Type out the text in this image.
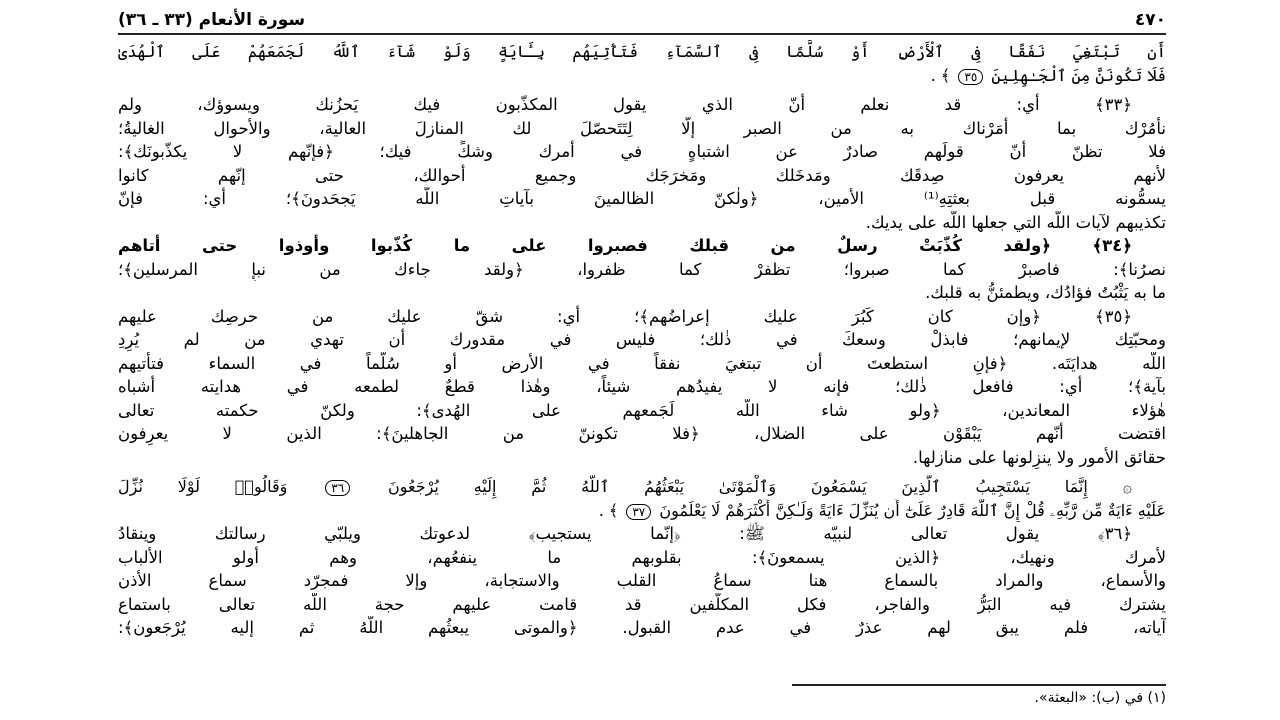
٤٧٠
سورة الأنعام (٣٣ ـ ٣٦)
أَن تَبْتَغِيَ نَفَقًا فِى ٱلْأَرْضِ أَوْ سُلَّمًا فِى ٱلسَّمَآءِ فَتَأْتِيَهُم بِـَٔايَةٍ وَلَوْ شَآءَ ٱللَّهُ لَجَمَعَهُمْ عَلَى ٱلْهُدَىٰ
فَلَا تَكُونَنَّ مِنَ ٱلْجَـٰهِلِينَ ٣٥ ﴾ .
﴿٣٣﴾ أي: قد نعلم أنّ الذي يقول المكذّبون فيك يَحزُنك ويسوؤك، ولم
نأمُرْك بما أمَرْناك به من الصبر إلّا لِتَتَحصّلَ لك المنازلَ العالية، والأحوال الغاليةُ؛
فلا تظنّ أنّ قولَهم صادرٌ عن اشتباهٍ في أمرك وشكٍّ فيك؛ ﴿فإنّهم لا يكذّبونَك﴾:
لأنهم يعرفون صِدقَك ومَدخَلك ومَخرَجَك وجميع أحوالك، حتى إنّهم كانوا
يسمُّونه قبل بعثتِهِ⁽¹⁾ الأمين، ﴿ولٰكنّ الظالمينَ بآياتِ اللّه يَجحَدونَ﴾؛ أي: فإنّ
تكذيبهم لآيات اللّه التي جعلها اللّه على يديك.
﴿٣٤﴾ ﴿ولقد كُذّبَتْ رسلٌ من قبلك فصبروا على ما كُذّبوا وأوذوا حتى أتاهم
نصرُنا﴾: فاصبرْ كما صبروا؛ تظفرْ كما ظفروا، ﴿ولقد جاءك من نبإِ المرسلين﴾؛
ما به يَثْبُتُ فؤادُك، ويطمئنُّ به قلبك.
﴿٣٥﴾ ﴿وإن كان كَبُرَ عليك إعراضُهم﴾؛ أي: شقّ عليك من حرصِك عليهم
ومحبّتِك لإيمانهم؛ فابذلْ وسعكَ في ذٰلك؛ فليس في مقدورك أن تهدي من لم يُرِدِ
اللّه هدايَتَه. ﴿فإنِ استطعتَ أن تبتغيَ نفقاً في الأرض أو سُلّماً في السماء فتأتيهم
بآية﴾؛ أي: فافعل ذٰلك؛ فإنه لا يفيدُهم شيئاً، وهٰذا قطعٌ لطمعه في هدايته أشباه
هٰؤلاء المعاندين، ﴿ولو شاء اللّه لَجَمعهم على الهُدى﴾: ولكنّ حكمته تعالى
اقتضت أنّهم يَبْقَوْن على الضلال، ﴿فلا تكوننّ من الجاهلينَ﴾: الذين لا يعرِفون
حقائق الأمور ولا ينزِلونها على منازلها.
۞ إِنَّمَا يَسْتَجِيبُ ٱلَّذِينَ يَسْمَعُونَ وَٱلْمَوْتَىٰ يَبْعَثُهُمُ ٱللَّهُ ثُمَّ إِلَيْهِ يُرْجَعُونَ ٣٦ وَقَالُوا۟ لَوْلَا نُزِّلَ
عَلَيْهِ ءَايَةٌ مِّن رَّبِّهِۦ قُلْ إِنَّ ٱللَّهَ قَادِرٌ عَلَىٰٓ أَن يُنَزِّلَ ءَايَةً وَلَـٰكِنَّ أَكْثَرَهُمْ لَا يَعْلَمُونَ ٣٧ ﴾ .
﴿٣٦﴾ يقول تعالى لنبيّه ﷺ: ﴿إنّما يستجيب﴾ لدعوتك ويلبّي رسالتك وينقادُ
لأمرك ونهيك، ﴿الذين يسمعونَ﴾: بقلوبهم ما ينفعُهم، وهم أولو الألباب
والأسماع، والمراد بالسماع هنا سماعُ القلب والاستجابة، وإلا فمجرّد سماع الأذن
يشترك فيه البَرُّ والفاجر، فكل المكلّفين قد قامت عليهم حجة اللّه تعالى باستماع
آياته، فلم يبق لهم عذرٌ في عدم القبول. ﴿والموتى يبعثُهم اللّهُ ثم إليه يُرْجَعون﴾:
(١) في (ب): «البعثة».
